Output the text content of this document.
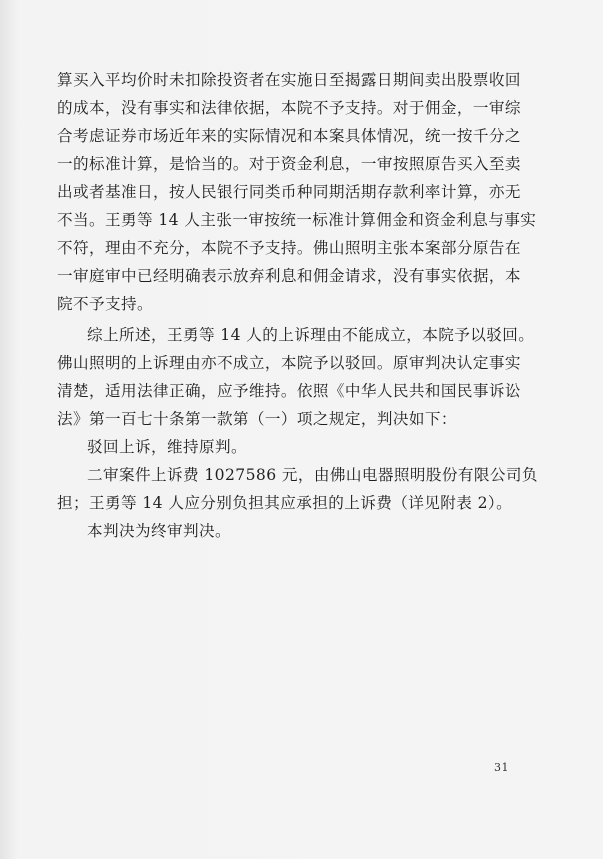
算买入平均价时未扣除投资者在实施日至揭露日期间卖出股票收回
的成本，没有事实和法律依据，本院不予支持。对于佣金，一审综
合考虑证券市场近年来的实际情况和本案具体情况，统一按千分之
一的标准计算，是恰当的。对于资金利息，一审按照原告买入至卖
出或者基准日，按人民银行同类币种同期活期存款利率计算，亦无
不当。王勇等 14 人主张一审按统一标准计算佣金和资金利息与事实
不符，理由不充分，本院不予支持。佛山照明主张本案部分原告在
一审庭审中已经明确表示放弃利息和佣金请求，没有事实依据，本
院不予支持。
综上所述，王勇等 14 人的上诉理由不能成立，本院予以驳回。
佛山照明的上诉理由亦不成立，本院予以驳回。原审判决认定事实
清楚，适用法律正确，应予维持。依照《中华人民共和国民事诉讼
法》第一百七十条第一款第（一）项之规定，判决如下：
驳回上诉，维持原判。
二审案件上诉费 1027586 元，由佛山电器照明股份有限公司负
担；王勇等 14 人应分别负担其应承担的上诉费（详见附表 2）。
本判决为终审判决。
31
